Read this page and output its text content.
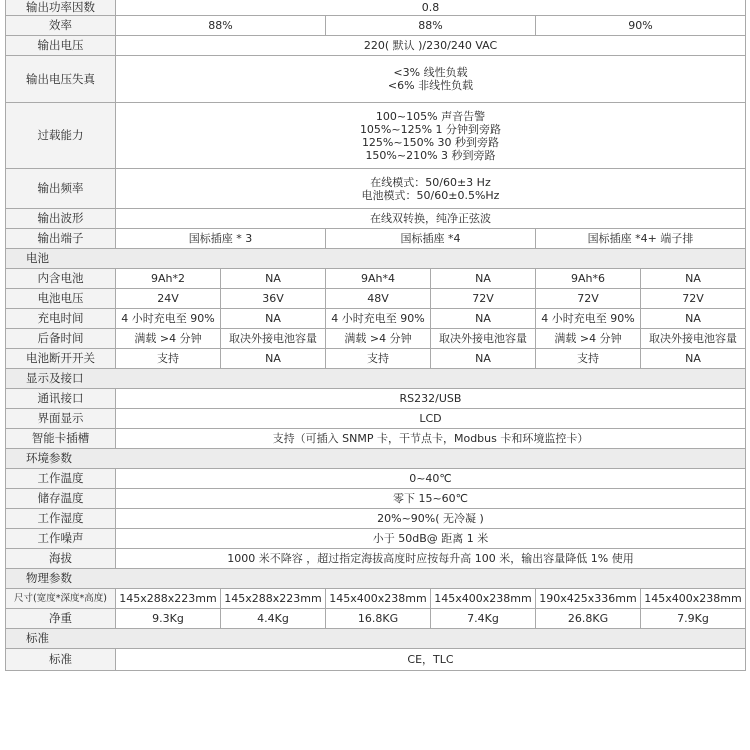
输出功率因数	0.8					
效率	88%		88%		90%	
输出电压	220( 默认 )/230/240 VAC					
输出电压失真	<3% 线性负载
<6% 非线性负载					

过载能力	100~105% 声音告警
105%~125% 1 分钟到旁路
125%~150% 30 秒到旁路
150%~210% 3 秒到旁路					

输出频率	在线模式：50/60±3 Hz
电池模式：50/60±0.5%Hz					

输出波形	在线双转换，纯净正弦波					
输出端子	国标插座 * 3		国标插座 *4		国标插座 *4+ 端子排	
电池						
内含电池	9Ah*2	NA	9Ah*4	NA	9Ah*6	NA
电池电压	24V	36V	48V	72V	72V	72V
充电时间	4 小时充电至 90%	NA	4 小时充电至 90%	NA	4 小时充电至 90%	NA
后备时间	满载 >4 分钟	取决外接电池容量	满载 >4 分钟	取决外接电池容量	满载 >4 分钟	取决外接电池容量
电池断开开关	支持	NA	支持	NA	支持	NA
显示及接口						
通讯接口	RS232/USB					
界面显示	LCD					
智能卡插槽	支持（可插入 SNMP 卡，干节点卡，Modbus 卡和环境监控卡）					
环境参数						
工作温度	0~40℃					
储存温度	零下 15~60℃					
工作湿度	20%~90%( 无冷凝 )					
工作噪声	小于 50dB@ 距离 1 米					
海拔	1000 米不降容 ，超过指定海拔高度时应按每升高 100 米，输出容量降低 1% 使用					
物理参数						
尺寸(宽度*深度*高度)	145x288x223mm	145x288x223mm	145x400x238mm	145x400x238mm	190x425x336mm	145x400x238mm
净重	9.3Kg	4.4Kg	16.8KG	7.4Kg	26.8KG	7.9Kg
标准						
标准	CE，TLC					
